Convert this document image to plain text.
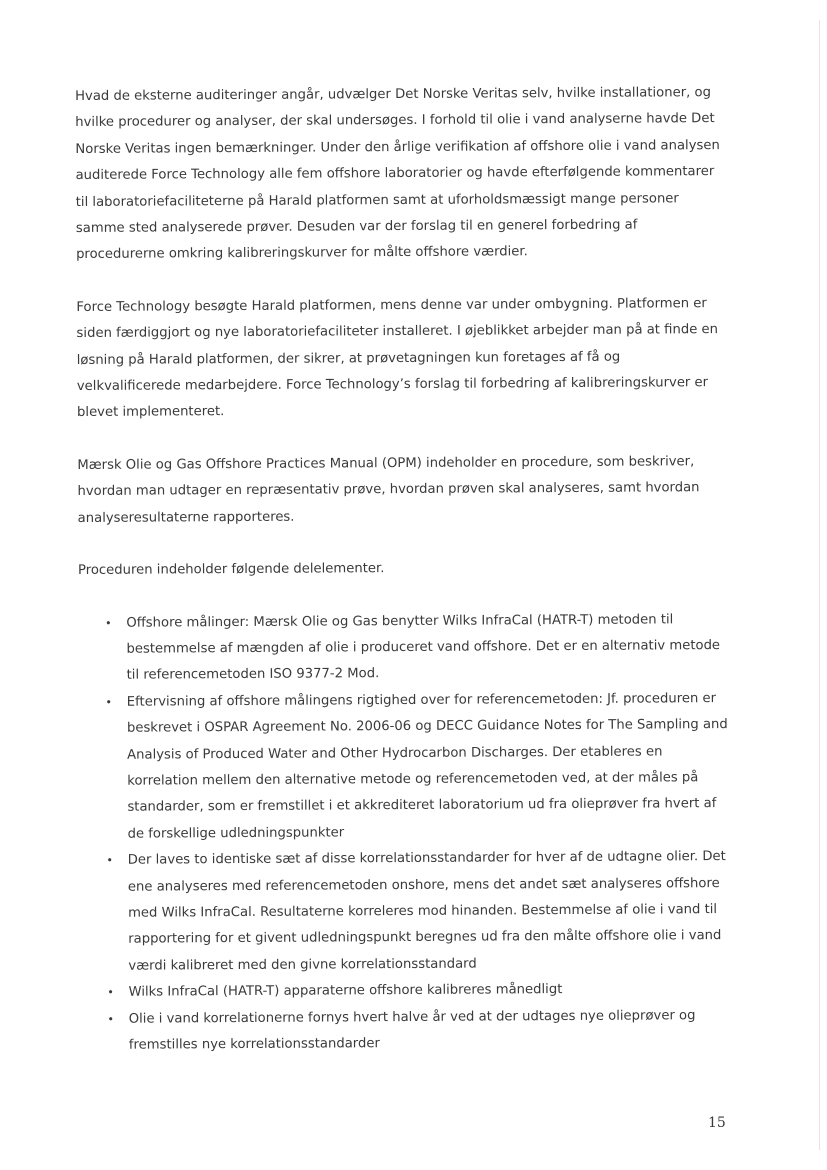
Hvad de eksterne auditeringer angår, udvælger Det Norske Veritas selv, hvilke installationer, og hvilke procedurer og analyser, der skal undersøges. I forhold til olie i vand analyserne havde Det Norske Veritas ingen bemærkninger. Under den årlige verifikation af offshore olie i vand analysen auditerede Force Technology alle fem offshore laboratorier og havde efterfølgende kommentarer til laboratoriefaciliteterne på Harald platformen samt at uforholdsmæssigt mange personer samme sted analyserede prøver. Desuden var der forslag til en generel forbedring af procedurerne omkring kalibreringskurver for målte offshore værdier.

Force Technology besøgte Harald platformen, mens denne var under ombygning. Platformen er siden færdiggjort og nye laboratoriefaciliteter installeret. I øjeblikket arbejder man på at finde en løsning på Harald platformen, der sikrer, at prøvetagningen kun foretages af få og velkvalificerede medarbejdere. Force Technology’s forslag til forbedring af kalibreringskurver er blevet implementeret.

Mærsk Olie og Gas Offshore Practices Manual (OPM) indeholder en procedure, som beskriver, hvordan man udtager en repræsentativ prøve, hvordan prøven skal analyseres, samt hvordan analyseresultaterne rapporteres.

Proceduren indeholder følgende delelementer.

• Offshore målinger: Mærsk Olie og Gas benytter Wilks InfraCal (HATR-T) metoden til bestemmelse af mængden af olie i produceret vand offshore. Det er en alternativ metode til referencemetoden ISO 9377-2 Mod.
• Eftervisning af offshore målingens rigtighed over for referencemetoden: Jf. proceduren er beskrevet i OSPAR Agreement No. 2006-06 og DECC Guidance Notes for The Sampling and Analysis of Produced Water and Other Hydrocarbon Discharges. Der etableres en korrelation mellem den alternative metode og referencemetoden ved, at der måles på standarder, som er fremstillet i et akkrediteret laboratorium ud fra olieprøver fra hvert af de forskellige udledningspunkter
• Der laves to identiske sæt af disse korrelationsstandarder for hver af de udtagne olier. Det ene analyseres med referencemetoden onshore, mens det andet sæt analyseres offshore med Wilks InfraCal. Resultaterne korreleres mod hinanden. Bestemmelse af olie i vand til rapportering for et givent udledningspunkt beregnes ud fra den målte offshore olie i vand værdi kalibreret med den givne korrelationsstandard
• Wilks InfraCal (HATR-T) apparaterne offshore kalibreres månedligt
• Olie i vand korrelationerne fornys hvert halve år ved at der udtages nye olieprøver og fremstilles nye korrelationsstandarder
15
